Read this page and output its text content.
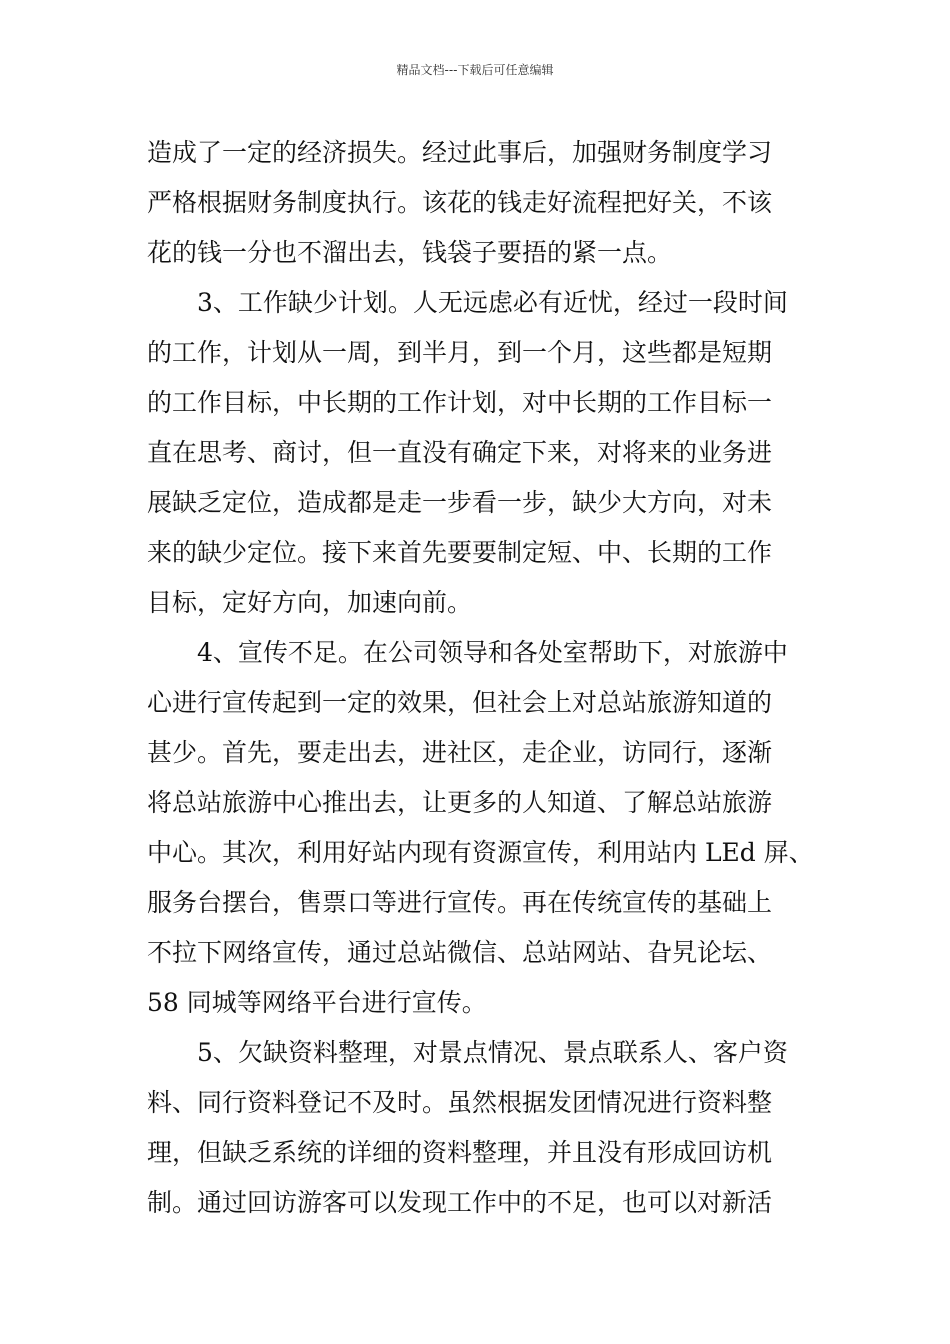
精品文档---下载后可任意编辑
造成了一定的经济损失。经过此事后，加强财务制度学习
严格根据财务制度执行。该花的钱走好流程把好关，不该
花的钱一分也不溜出去，钱袋子要捂的紧一点。
3、工作缺少计划。人无远虑必有近忧，经过一段时间
的工作，计划从一周，到半月，到一个月，这些都是短期
的工作目标，中长期的工作计划，对中长期的工作目标一
直在思考、商讨，但一直没有确定下来，对将来的业务进
展缺乏定位，造成都是走一步看一步，缺少大方向，对未
来的缺少定位。接下来首先要要制定短、中、长期的工作
目标，定好方向，加速向前。
4、宣传不足。在公司领导和各处室帮助下，对旅游中
心进行宣传起到一定的效果，但社会上对总站旅游知道的
甚少。首先，要走出去，进社区，走企业，访同行，逐渐
将总站旅游中心推出去，让更多的人知道、了解总站旅游
中心。其次，利用好站内现有资源宣传，利用站内 LEd 屏、
服务台摆台，售票口等进行宣传。再在传统宣传的基础上
不拉下网络宣传，通过总站微信、总站网站、旮旯论坛、
58 同城等网络平台进行宣传。
5、欠缺资料整理，对景点情况、景点联系人、客户资
料、同行资料登记不及时。虽然根据发团情况进行资料整
理，但缺乏系统的详细的资料整理，并且没有形成回访机
制。通过回访游客可以发现工作中的不足，也可以对新活
